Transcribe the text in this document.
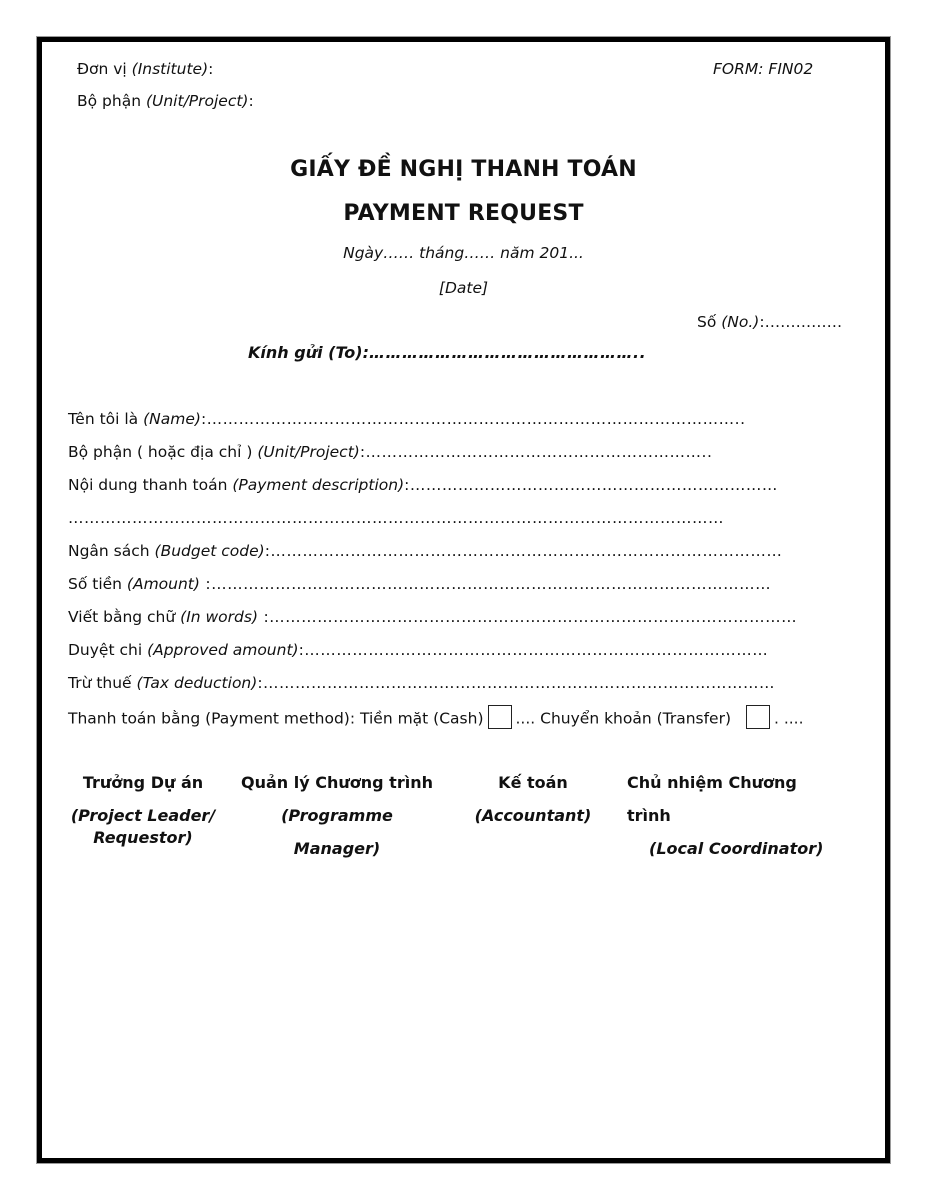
Đơn vị (Institute):
Bộ phận (Unit/Project):
FORM: FIN02
GIẤY ĐỀ NGHỊ THANH TOÁN
PAYMENT REQUEST
Ngày…… tháng…… năm 201...
[Date]
Số (No.):……………
Kính gửi (To):…………………………………………..
Tên tôi là (Name):………………………………………………………………………………………..
Bộ phận ( hoặc địa chỉ ) (Unit/Project):………………………………………………………..
Nội dung thanh toán (Payment description):……………………………………………………………
……………………………………………………………………………………………………………
Ngân sách (Budget code):……………………………………………………………………………………
Số tiền (Amount) :……………………………………………………………………………………………
Viết bằng chữ (In words) :………………………………………………………………………………………
Duyệt chi (Approved amount):……………………………………………………………………………
Trừ thuế (Tax deduction):……………………………………………………………………………………
Thanh toán bằng (Payment method): Tiền mặt (Cash) .... Chuyển khoản (Transfer)	. ....
Trưởng Dự án
(Project Leader/
Requestor)
Quản lý Chương trình
(Programme
Manager)
Kế toán
(Accountant)
Chủ nhiệm Chương
trình
(Local Coordinator)
